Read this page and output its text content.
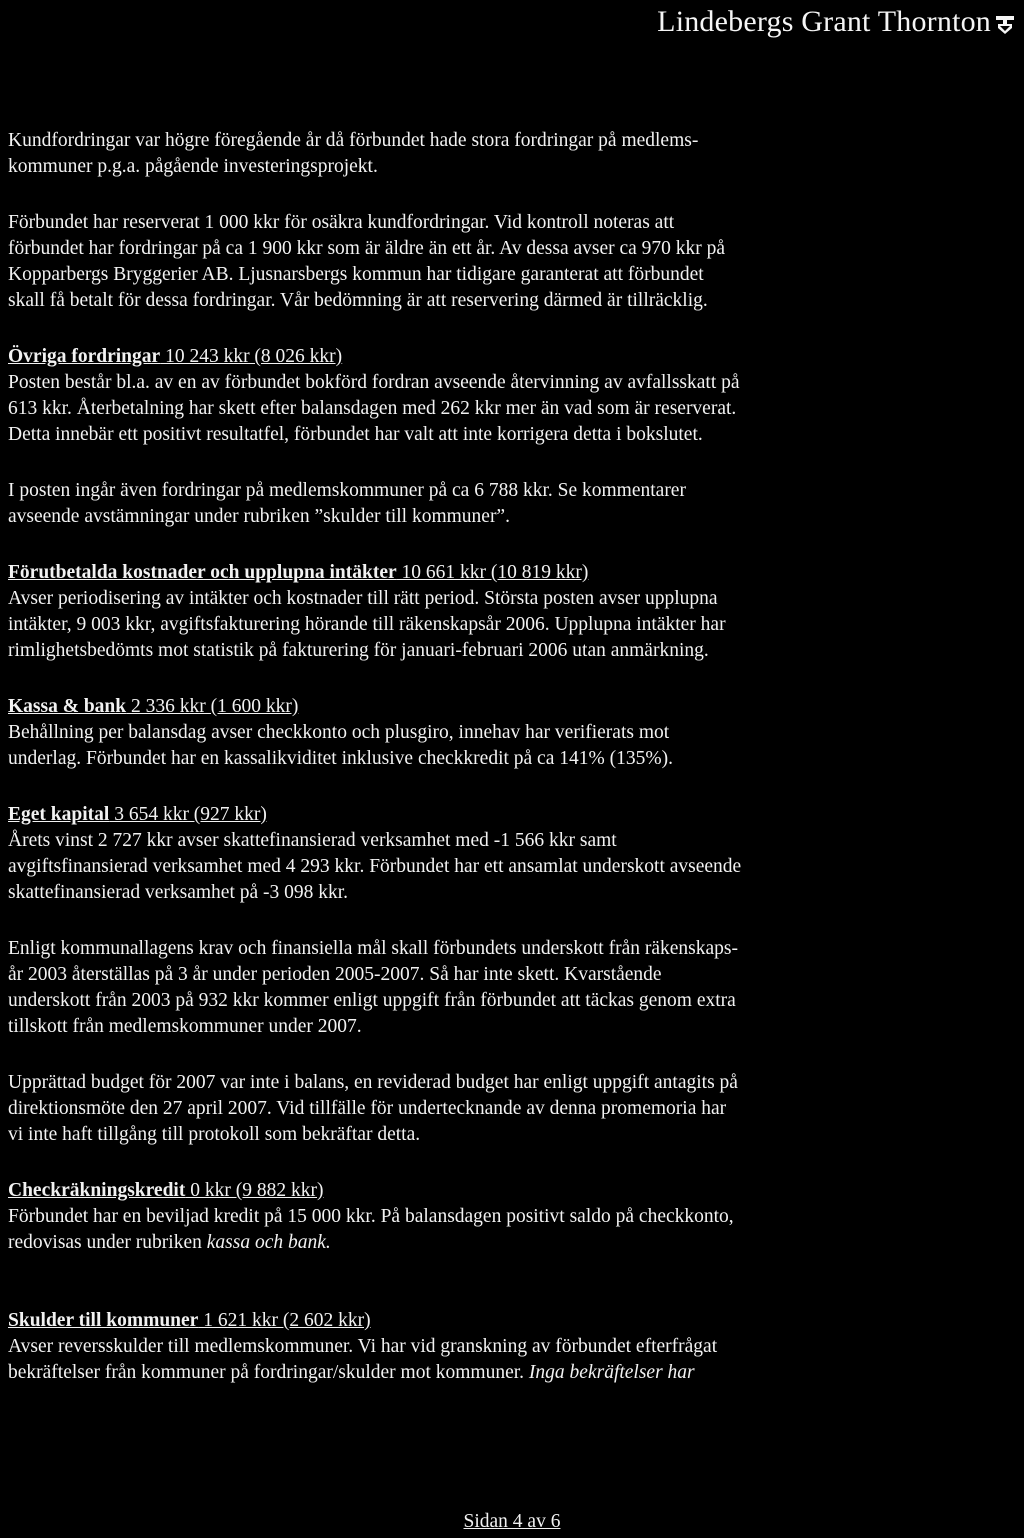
Lindebergs Grant Thornton

Kundfordringar var högre föregående år då förbundet hade stora fordringar på medlems-
kommuner p.g.a. pågående investeringsprojekt.

Förbundet har reserverat 1 000 kkr för osäkra kundfordringar. Vid kontroll noteras att
förbundet har fordringar på ca 1 900 kkr som är äldre än ett år. Av dessa avser ca 970 kkr på
Kopparbergs Bryggerier AB. Ljusnarsbergs kommun har tidigare garanterat att förbundet
skall få betalt för dessa fordringar. Vår bedömning är att reservering därmed är tillräcklig.

Övriga fordringar 10 243 kkr (8 026 kkr)

Posten består bl.a. av en av förbundet bokförd fordran avseende återvinning av avfallsskatt på
613 kkr. Återbetalning har skett efter balansdagen med 262 kkr mer än vad som är reserverat.
Detta innebär ett positivt resultatfel, förbundet har valt att inte korrigera detta i bokslutet.

I posten ingår även fordringar på medlemskommuner på ca 6 788 kkr. Se kommentarer
avseende avstämningar under rubriken ”skulder till kommuner”.

Förutbetalda kostnader och upplupna intäkter 10 661 kkr (10 819 kkr)

Avser periodisering av intäkter och kostnader till rätt period. Största posten avser upplupna
intäkter, 9 003 kkr, avgiftsfakturering hörande till räkenskapsår 2006. Upplupna intäkter har
rimlighetsbedömts mot statistik på fakturering för januari-februari 2006 utan anmärkning.

Kassa & bank 2 336 kkr (1 600 kkr)

Behållning per balansdag avser checkkonto och plusgiro, innehav har verifierats mot
underlag. Förbundet har en kassalikviditet inklusive checkkredit på ca 141% (135%).

Eget kapital 3 654 kkr (927 kkr)

Årets vinst 2 727 kkr avser skattefinansierad verksamhet med -1 566 kkr samt
avgiftsfinansierad verksamhet med 4 293 kkr. Förbundet har ett ansamlat underskott avseende
skattefinansierad verksamhet på -3 098 kkr.

Enligt kommunallagens krav och finansiella mål skall förbundets underskott från räkenskaps-
år 2003 återställas på 3 år under perioden 2005-2007. Så har inte skett. Kvarstående
underskott från 2003 på 932 kkr kommer enligt uppgift från förbundet att täckas genom extra
tillskott från medlemskommuner under 2007.

Upprättad budget för 2007 var inte i balans, en reviderad budget har enligt uppgift antagits på
direktionsmöte den 27 april 2007. Vid tillfälle för undertecknande av denna promemoria har
vi inte haft tillgång till protokoll som bekräftar detta.

Checkräkningskredit 0 kkr (9 882 kkr)

Förbundet har en beviljad kredit på 15 000 kkr. På balansdagen positivt saldo på checkkonto,
redovisas under rubriken kassa och bank.

Skulder till kommuner 1 621 kkr (2 602 kkr)

Avser reversskulder till medlemskommuner. Vi har vid granskning av förbundet efterfrågat
bekräftelser från kommuner på fordringar/skulder mot kommuner. Inga bekräftelser har

Sidan 4 av 6
